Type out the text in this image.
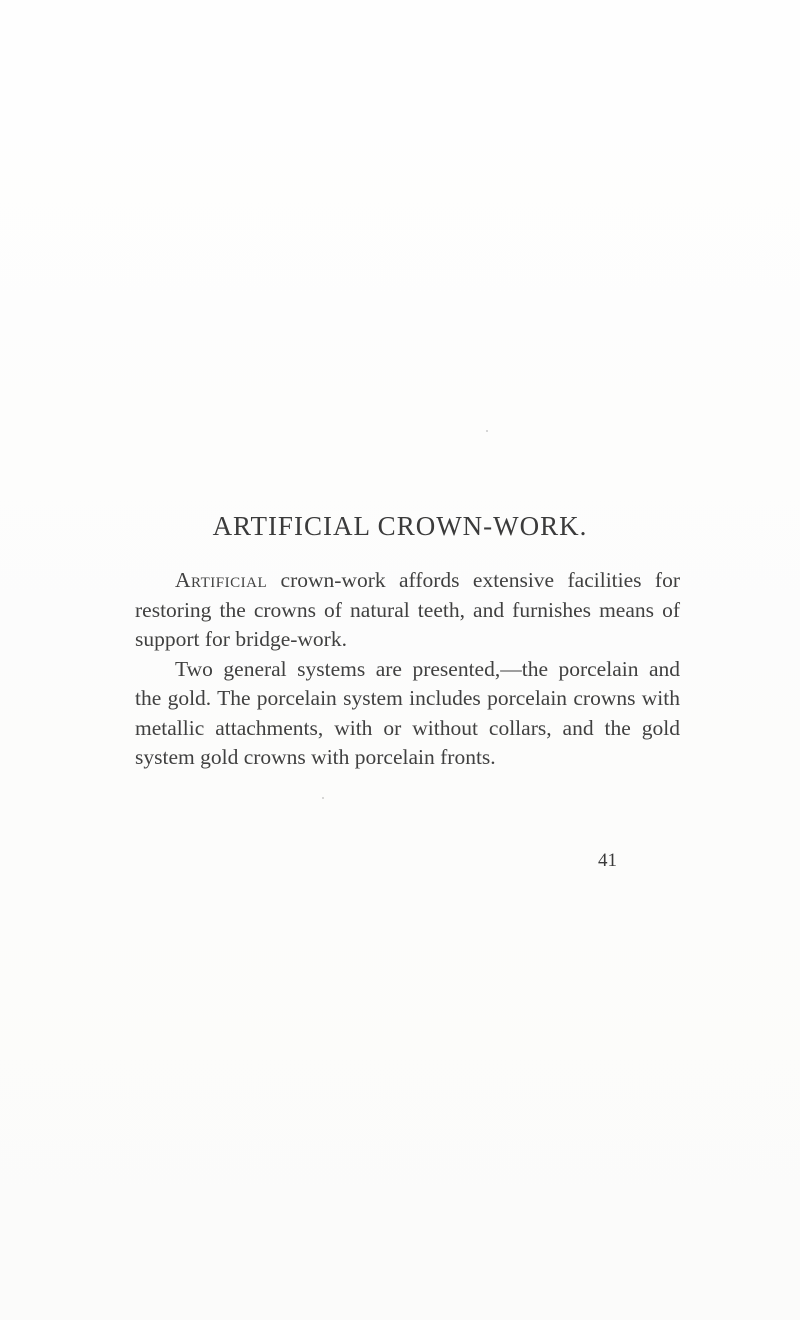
ARTIFICIAL CROWN-WORK.

Artificial crown-work affords extensive facilities for restoring the crowns of natural teeth, and furnishes means of support for bridge-work.

Two general systems are presented,—the porcelain and the gold. The porcelain system includes porcelain crowns with metallic attachments, with or without collars, and the gold system gold crowns with porcelain fronts.

41
